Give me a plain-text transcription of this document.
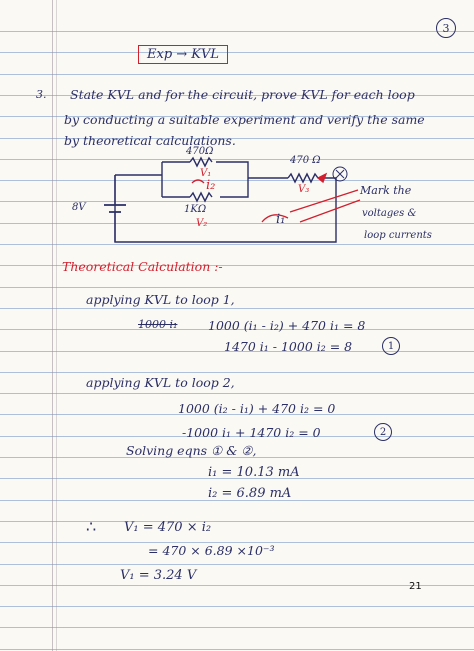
3
Exp → KVL
3. State KVL and for the circuit, prove KVL for each loop
by conducting a suitable experiment and verify the same
by theoretical calculations.
470Ω
V₁
i₂
1KΩ
V₂
470 Ω
V₃
i₁
8V
Mark the
voltages &
loop currents
Theoretical Calculation :-
applying KVL to loop 1,
1000 i₁ 1000 (i₁ - i₂) + 470 i₁ = 8
1470 i₁ - 1000 i₂ = 8	1
applying KVL to loop 2,
1000 (i₂ - i₁) + 470 i₂ = 0
-1000 i₁ + 1470 i₂ = 0	2
Solving eqns ① & ②,
i₁ = 10.13 mA
i₂ = 6.89 mA
∴ V₁ = 470 × i₂
= 470 × 6.89 ×10⁻³
V₁ = 3.24 V
21
